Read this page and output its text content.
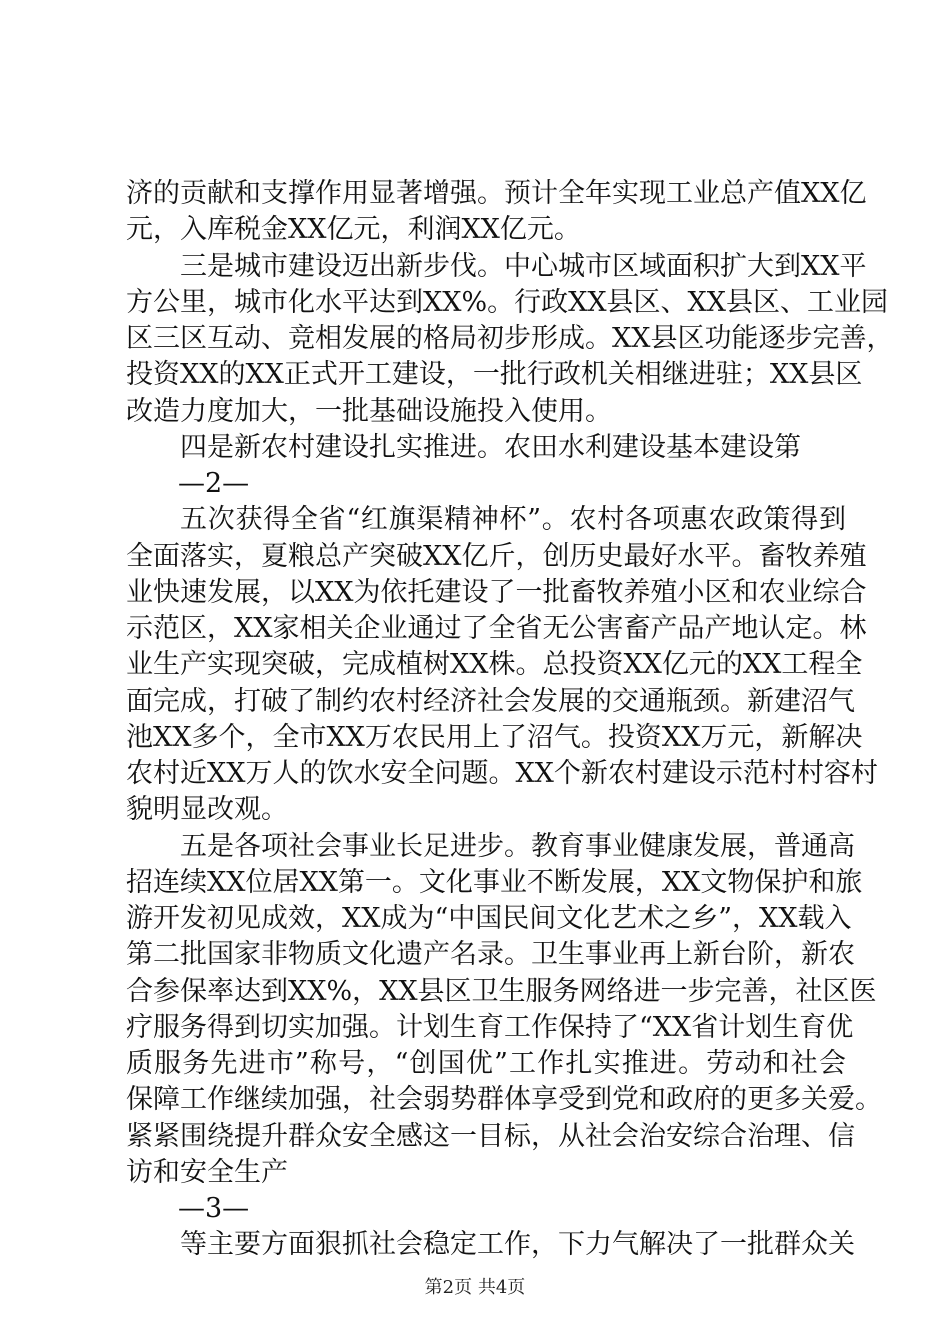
济的贡献和支撑作用显著增强。预计全年实现工业总产值XX亿
元，入库税金XX亿元，利润XX亿元。
三是城市建设迈出新步伐。中心城市区域面积扩大到XX平
方公里，城市化水平达到XX%。行政XX县区、XX县区、工业园
区三区互动、竞相发展的格局初步形成。XX县区功能逐步完善，
投资XX的XX正式开工建设，一批行政机关相继进驻；XX县区
改造力度加大，一批基础设施投入使用。
四是新农村建设扎实推进。农田水利建设基本建设第
—2—
五次获得全省“红旗渠精神杯”。农村各项惠农政策得到
全面落实，夏粮总产突破XX亿斤，创历史最好水平。畜牧养殖
业快速发展，以XX为依托建设了一批畜牧养殖小区和农业综合
示范区，XX家相关企业通过了全省无公害畜产品产地认定。林
业生产实现突破，完成植树XX株。总投资XX亿元的XX工程全
面完成，打破了制约农村经济社会发展的交通瓶颈。新建沼气
池XX多个，全市XX万农民用上了沼气。投资XX万元，新解决
农村近XX万人的饮水安全问题。XX个新农村建设示范村村容村
貌明显改观。
五是各项社会事业长足进步。教育事业健康发展，普通高
招连续XX位居XX第一。文化事业不断发展，XX文物保护和旅
游开发初见成效，XX成为“中国民间文化艺术之乡”，XX载入
第二批国家非物质文化遗产名录。卫生事业再上新台阶，新农
合参保率达到XX%，XX县区卫生服务网络进一步完善，社区医
疗服务得到切实加强。计划生育工作保持了“XX省计划生育优
质服务先进市”称号，“创国优”工作扎实推进。劳动和社会
保障工作继续加强，社会弱势群体享受到党和政府的更多关爱。
紧紧围绕提升群众安全感这一目标，从社会治安综合治理、信
访和安全生产
—3—
等主要方面狠抓社会稳定工作，下力气解决了一批群众关
第2页 共4页
